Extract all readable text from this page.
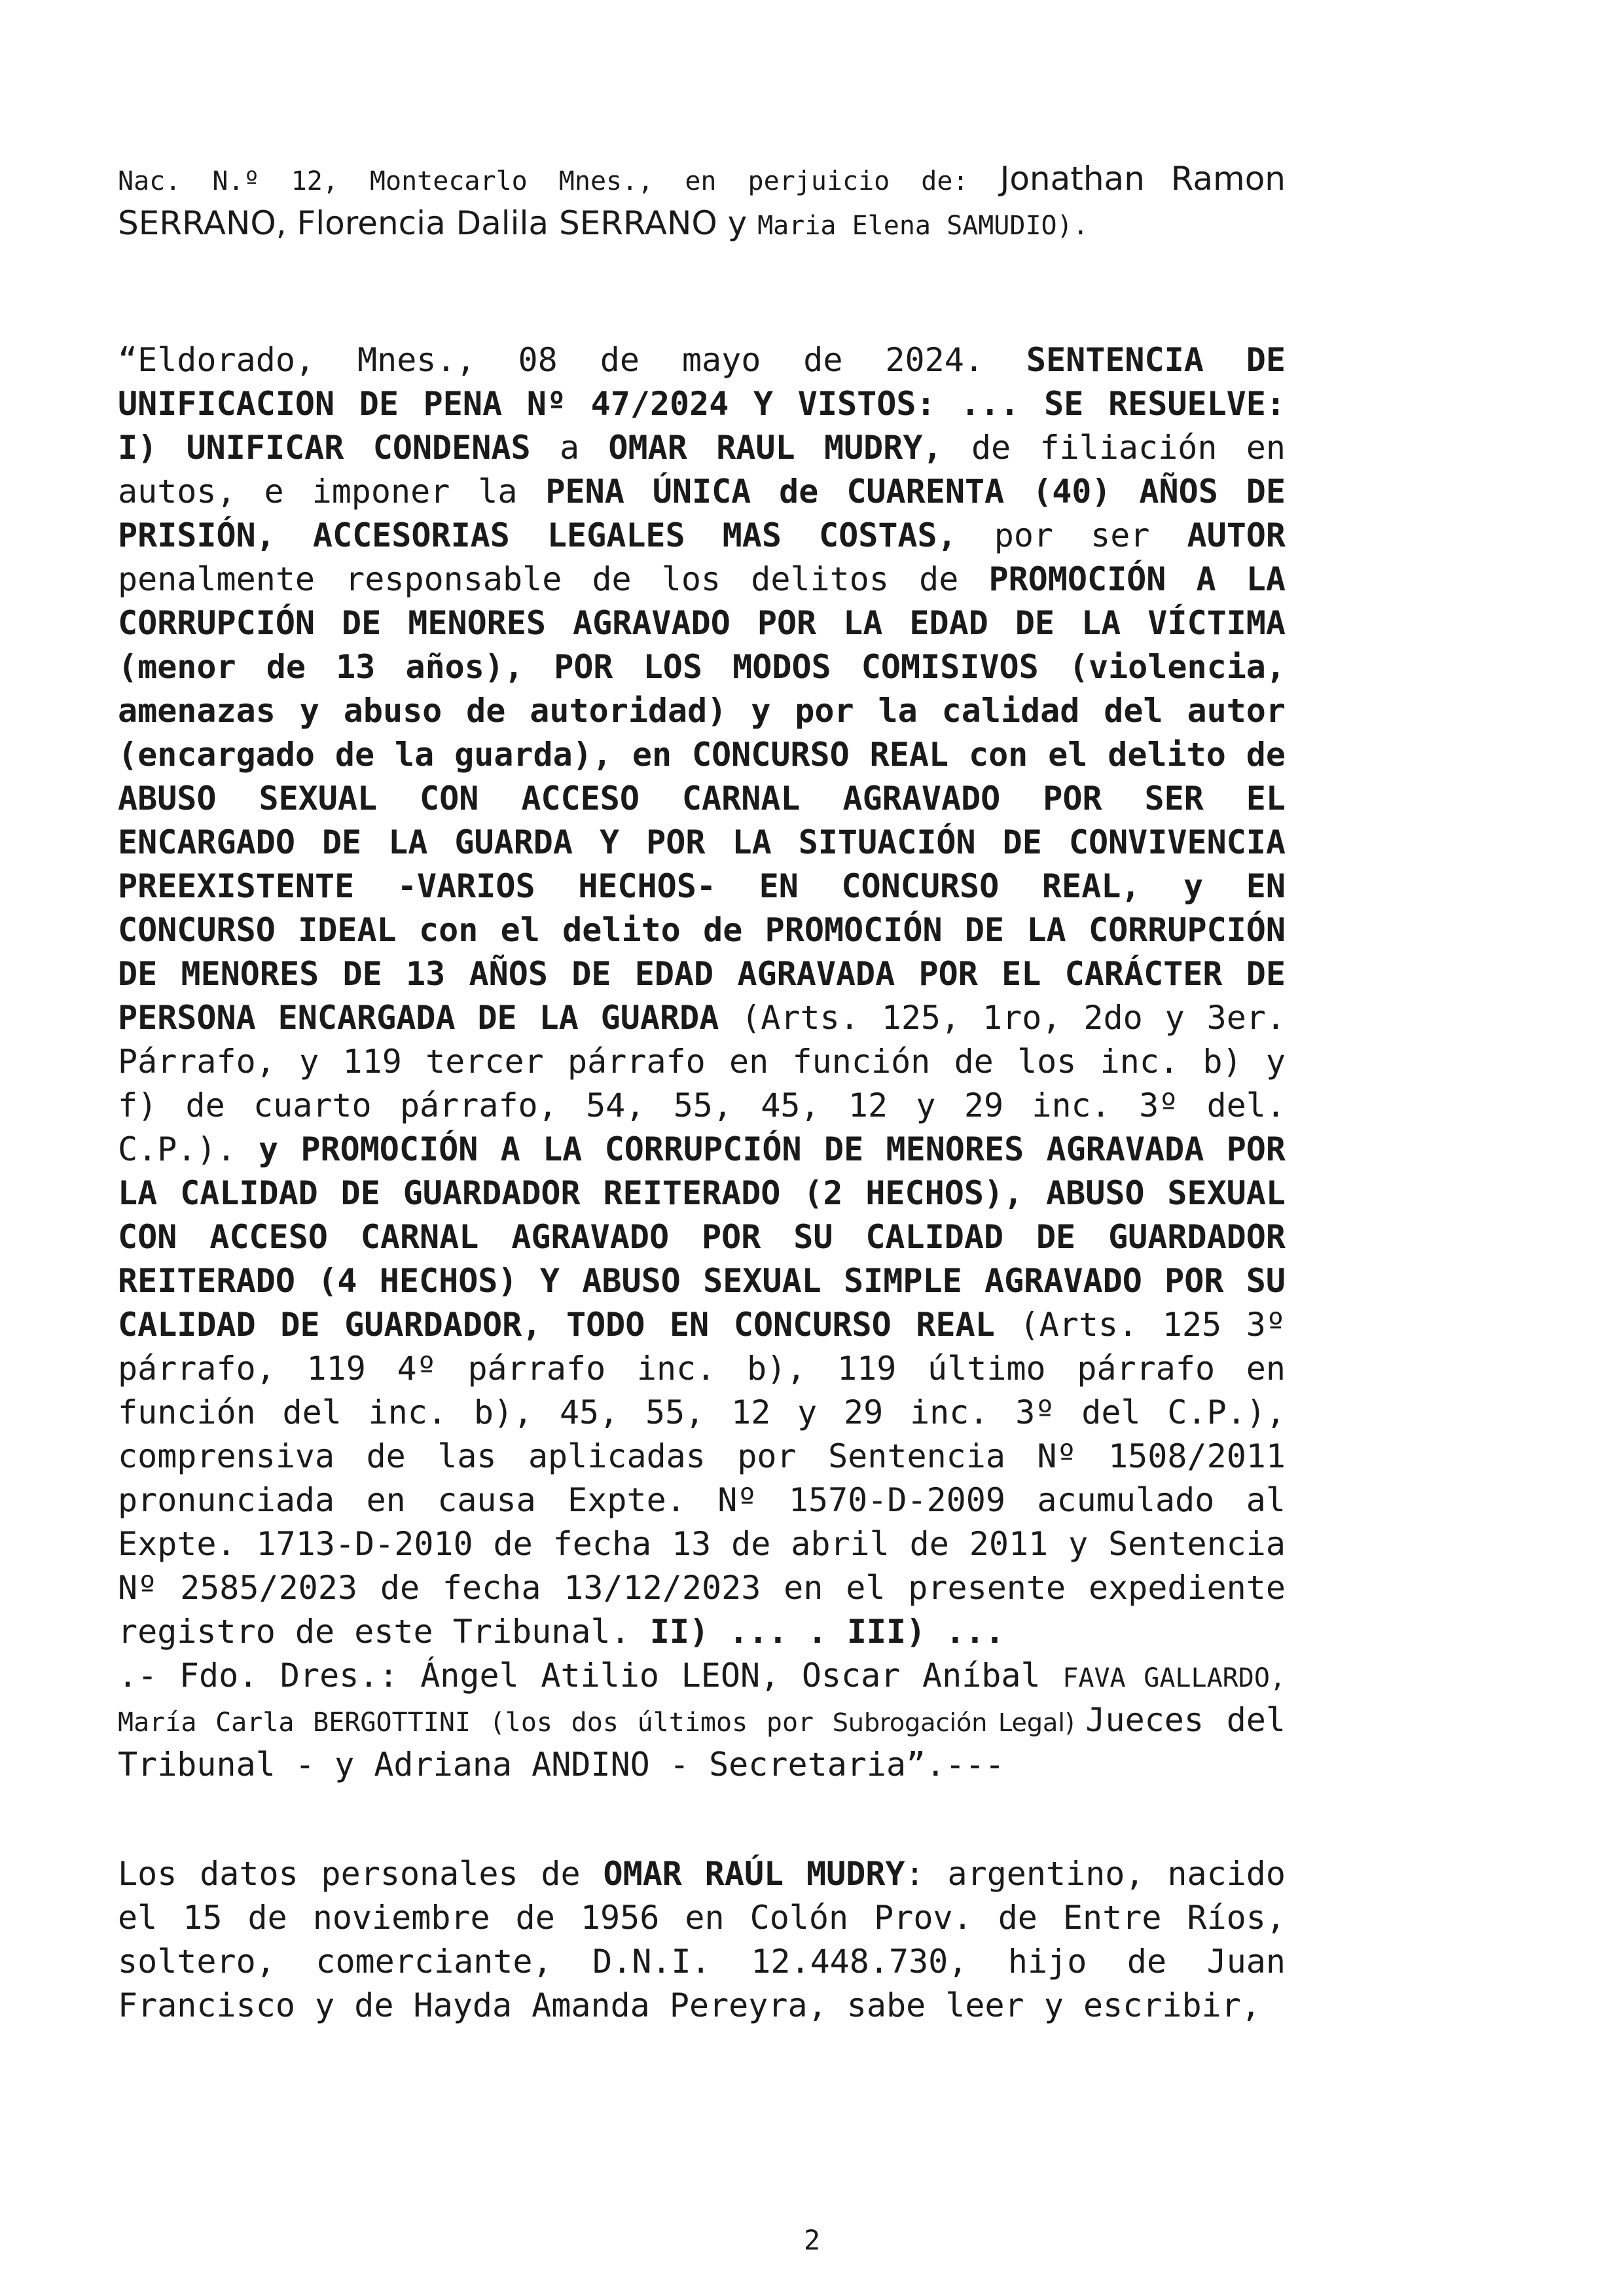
Nac. N.º 12, Montecarlo Mnes., en perjuicio de: Jonathan Ramon SERRANO, Florencia Dalila SERRANO y Maria Elena SAMUDIO).

“Eldorado, Mnes., 08 de mayo de 2024. SENTENCIA DE UNIFICACION DE PENA Nº 47/2024 Y VISTOS: ... SE RESUELVE: I) UNIFICAR CONDENAS a OMAR RAUL MUDRY, de filiación en autos, e imponer la PENA ÚNICA de CUARENTA (40) AÑOS DE PRISIÓN, ACCESORIAS LEGALES MAS COSTAS, por ser AUTOR penalmente responsable de los delitos de PROMOCIÓN A LA CORRUPCIÓN DE MENORES AGRAVADO POR LA EDAD DE LA VÍCTIMA (menor de 13 años), POR LOS MODOS COMISIVOS (violencia, amenazas y abuso de autoridad) y por la calidad del autor (encargado de la guarda), en CONCURSO REAL con el delito de ABUSO SEXUAL CON ACCESO CARNAL AGRAVADO POR SER EL ENCARGADO DE LA GUARDA Y POR LA SITUACIÓN DE CONVIVENCIA PREEXISTENTE -VARIOS HECHOS- EN CONCURSO REAL, y EN CONCURSO IDEAL con el delito de PROMOCIÓN DE LA CORRUPCIÓN DE MENORES DE 13 AÑOS DE EDAD AGRAVADA POR EL CARÁCTER DE PERSONA ENCARGADA DE LA GUARDA (Arts. 125, 1ro, 2do y 3er. Párrafo, y 119 tercer párrafo en función de los inc. b) y f) de cuarto párrafo, 54, 55, 45, 12 y 29 inc. 3º del. C.P.). y PROMOCIÓN A LA CORRUPCIÓN DE MENORES AGRAVADA POR LA CALIDAD DE GUARDADOR REITERADO (2 HECHOS), ABUSO SEXUAL CON ACCESO CARNAL AGRAVADO POR SU CALIDAD DE GUARDADOR REITERADO (4 HECHOS) Y ABUSO SEXUAL SIMPLE AGRAVADO POR SU CALIDAD DE GUARDADOR, TODO EN CONCURSO REAL (Arts. 125 3º párrafo, 119 4º párrafo inc. b), 119 último párrafo en función del inc. b), 45, 55, 12 y 29 inc. 3º del C.P.), comprensiva de las aplicadas por Sentencia Nº 1508/2011 pronunciada en causa Expte. Nº 1570-D-2009 acumulado al Expte. 1713-D-2010 de fecha 13 de abril de 2011 y Sentencia Nº 2585/2023 de fecha 13/12/2023 en el presente expediente registro de este Tribunal. II) ... . III) ...
.- Fdo. Dres.: Ángel Atilio LEON, Oscar Aníbal FAVA GALLARDO, María Carla BERGOTTINI (los dos últimos por Subrogación Legal) Jueces del Tribunal - y Adriana ANDINO - Secretaria”.---

Los datos personales de OMAR RAÚL MUDRY: argentino, nacido el 15 de noviembre de 1956 en Colón Prov. de Entre Ríos, soltero, comerciante, D.N.I. 12.448.730, hijo de Juan Francisco y de Hayda Amanda Pereyra, sabe leer y escribir,

2
